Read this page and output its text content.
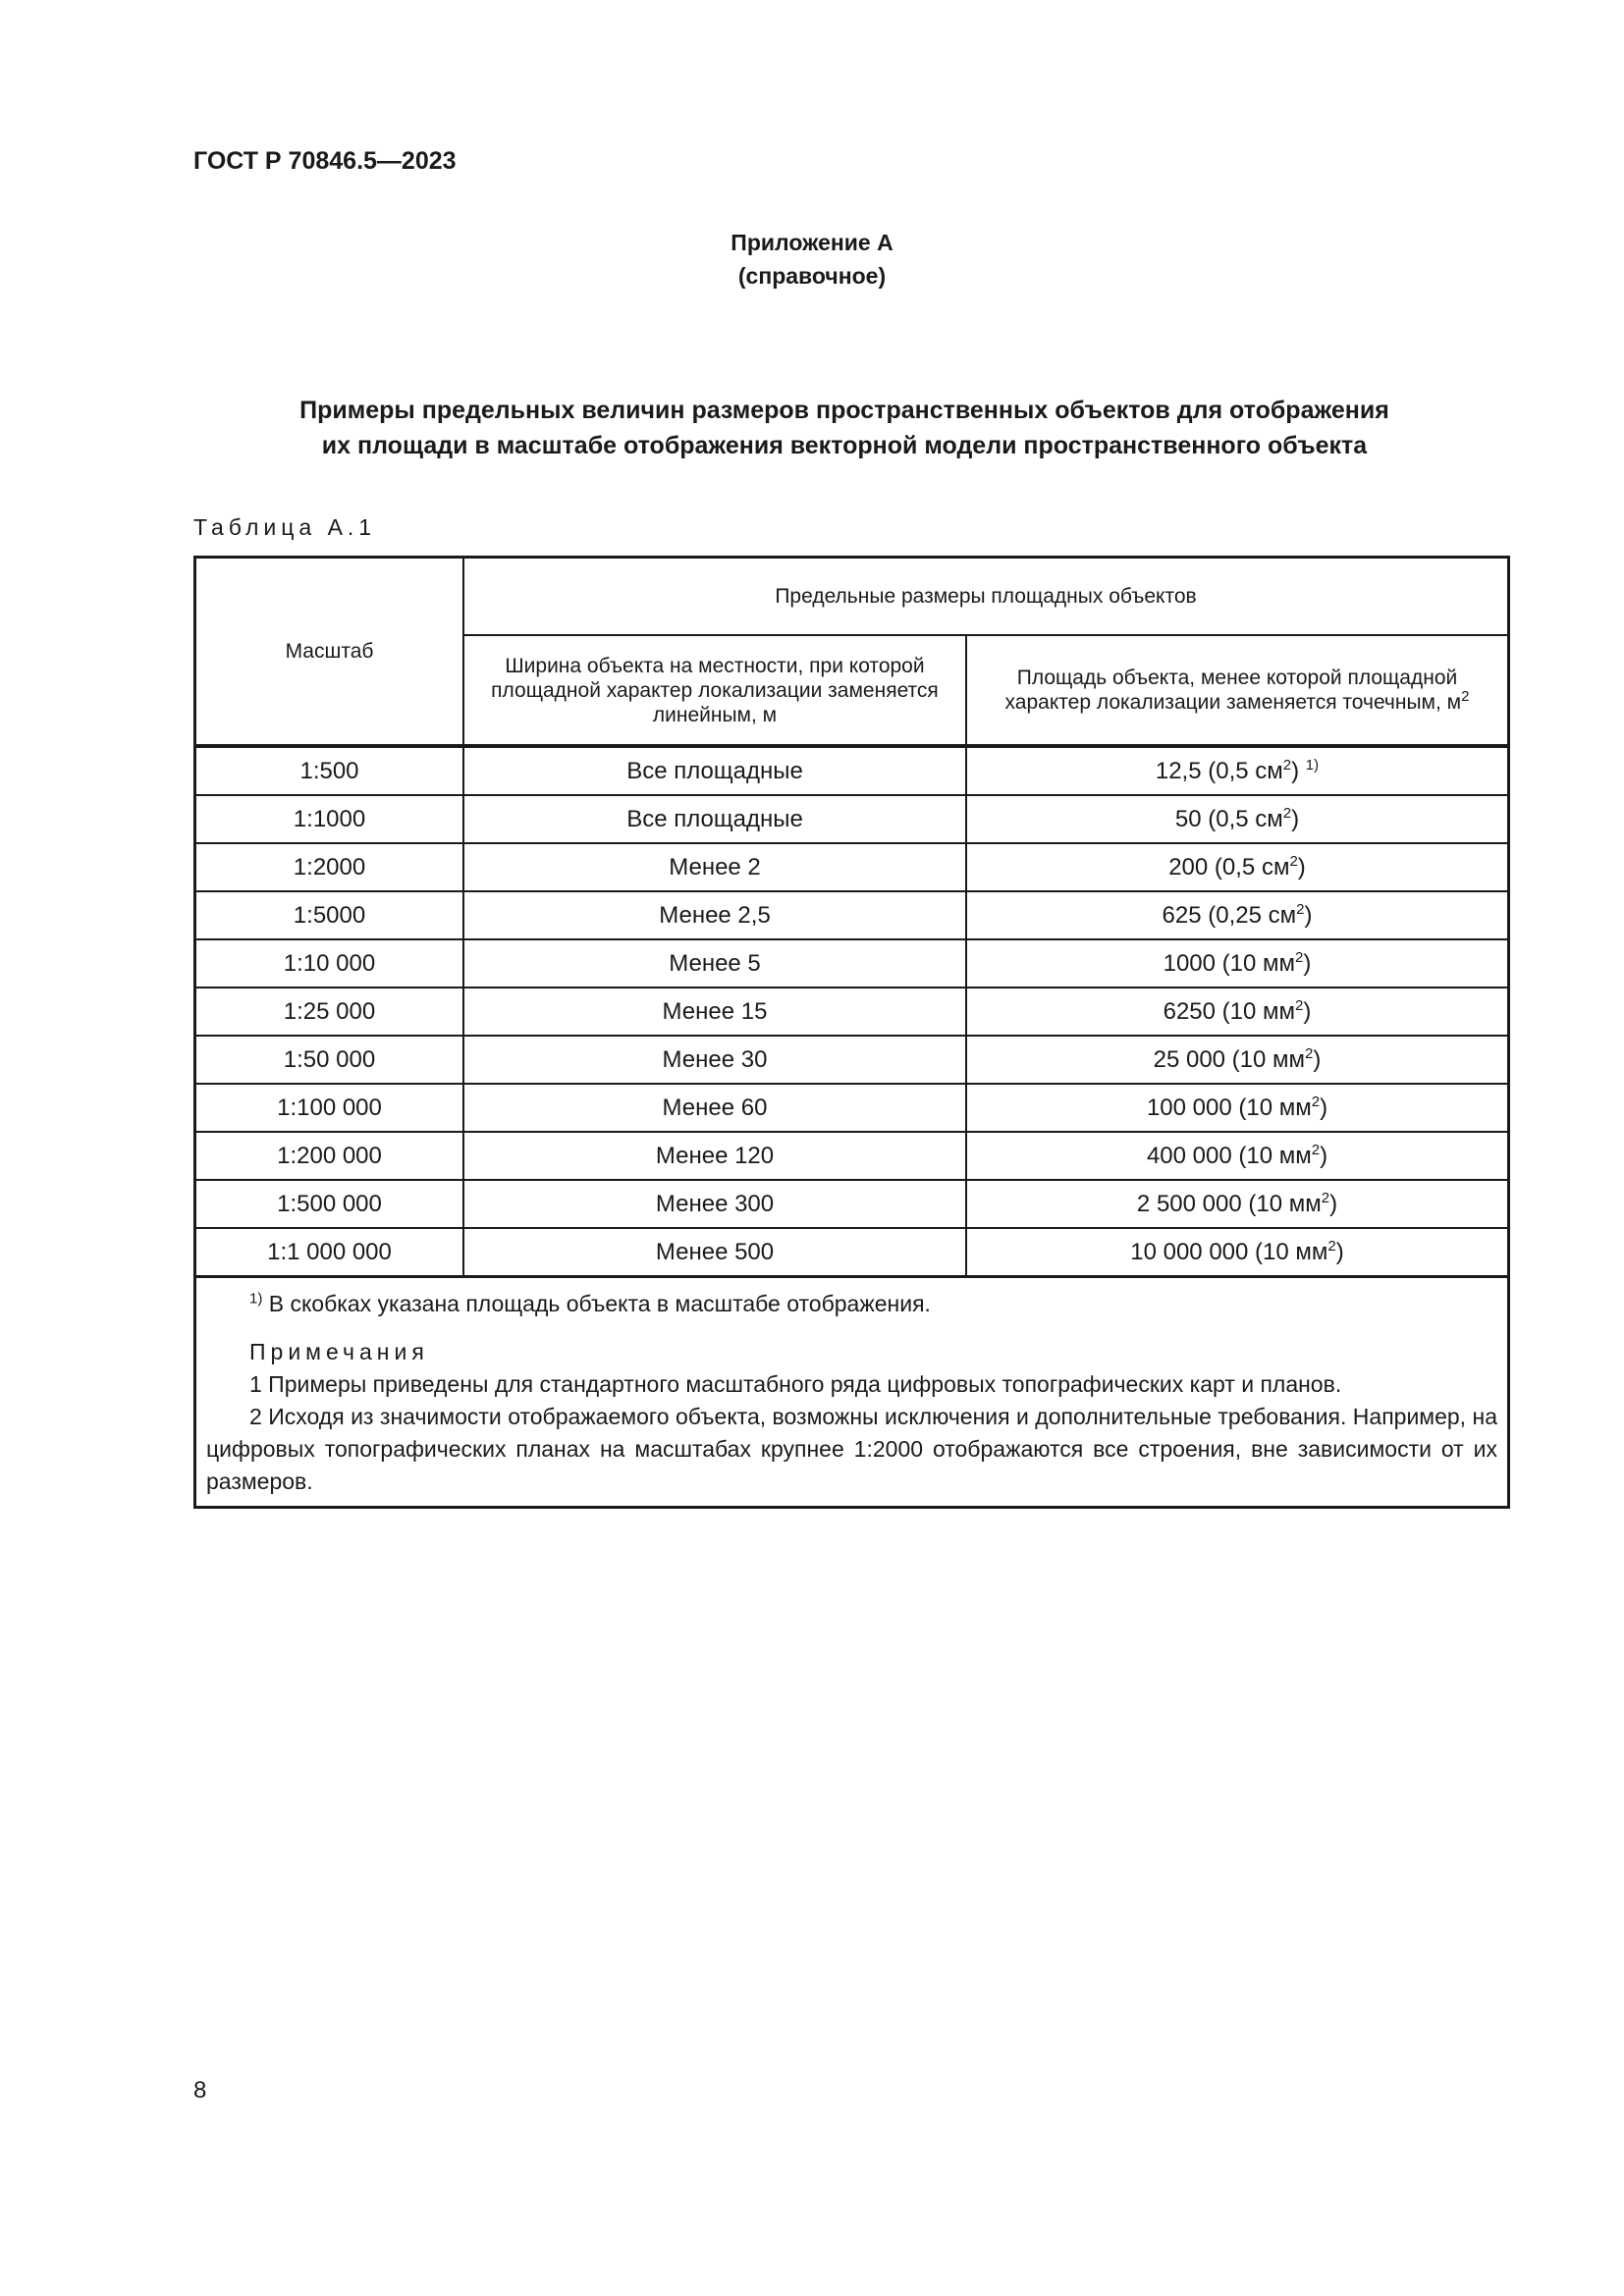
ГОСТ Р 70846.5—2023
Приложение А
(справочное)
Примеры предельных величин размеров пространственных объектов для отображения
их площади в масштабе отображения векторной модели пространственного объекта
Таблица А.1
Масштаб	Предельные размеры площадных объектов	
	Ширина объекта на местности, при которой площадной характер локализации заменяется линейным, м	Площадь объекта, менее которой площадной характер локализации заменяется точечным, $м^2$
1:500	Все площадные	12,5 (0,5 $см^2$) $^{1)}$
1:1000	Все площадные	50 (0,5 $см^2$)
1:2000	Менее 2	200 (0,5 $см^2$)
1:5000	Менее 2,5	625 (0,25 $см^2$)
1:10 000	Менее 5	1000 (10 $мм^2$)
1:25 000	Менее 15	6250 (10 $мм^2$)
1:50 000	Менее 30	25 000 (10 $мм^2$)
1:100 000	Менее 60	100 000 (10 $мм^2$)
1:200 000	Менее 120	400 000 (10 $мм^2$)
1:500 000	Менее 300	2 500 000 (10 $мм^2$)
1:1 000 000	Менее 500	10 000 000 (10 $мм^2$)

$^{1)}$ В скобках указана площадь объекта в масштабе отображения.

Примечания

1 Примеры приведены для стандартного масштабного ряда цифровых топографических карт и планов.

2 Исходя из значимости отображаемого объекта, возможны исключения и дополнительные требования. Например, на цифровых топографических планах на масштабах крупнее 1:2000 отображаются все строения, вне зависимости от их размеров.

8
